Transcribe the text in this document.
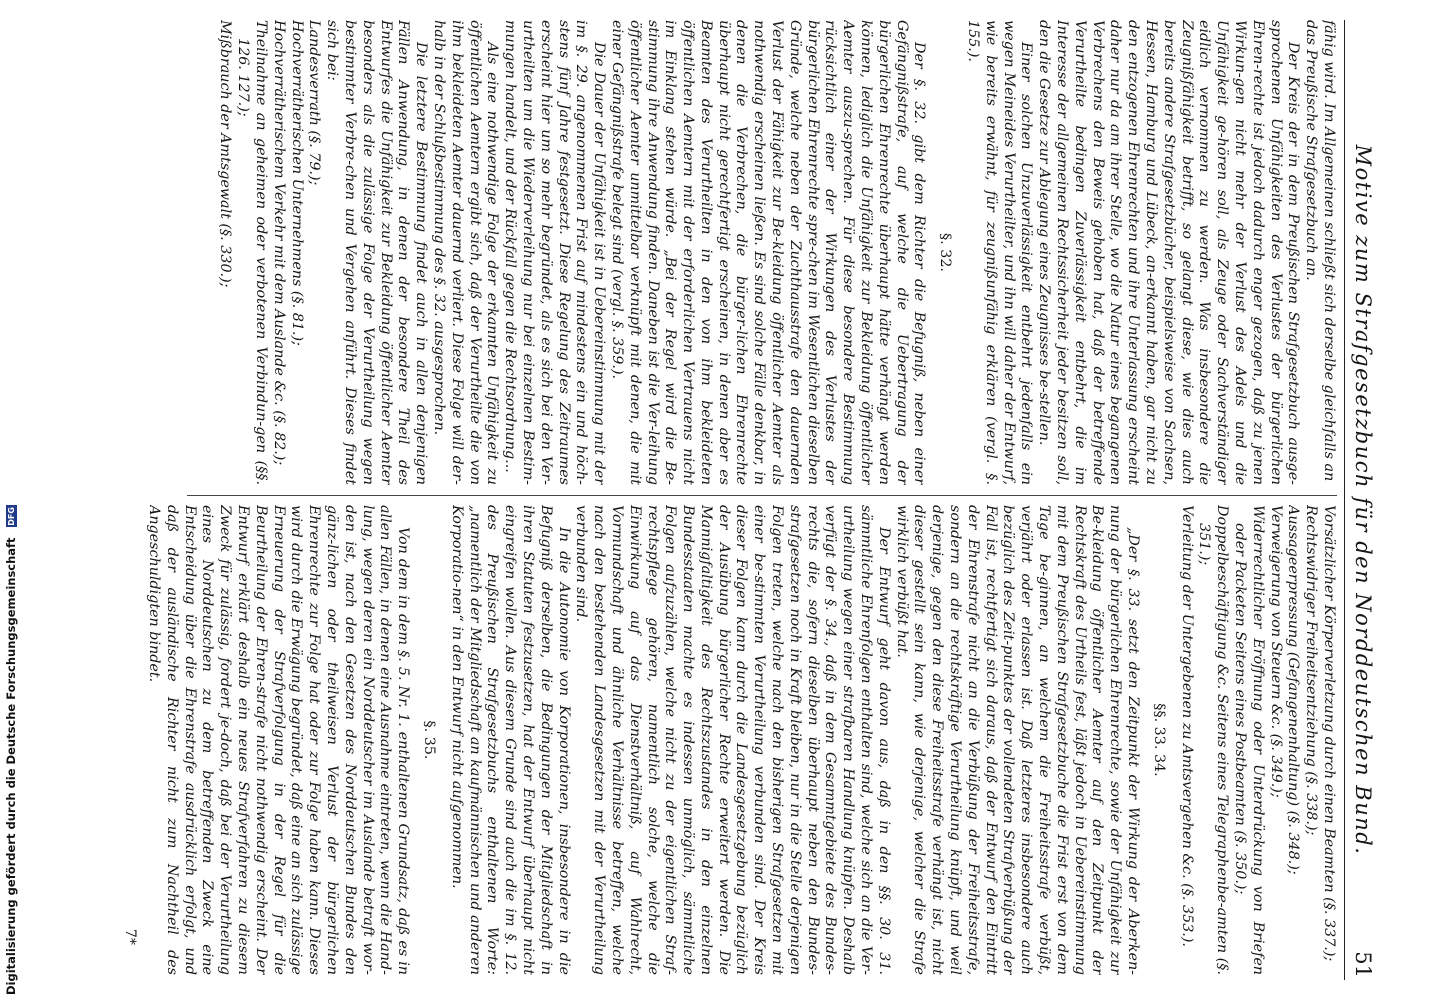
Motive zum Strafgesetzbuch für den Norddeutschen Bund.
51

fähig wird. Im Allgemeinen schließt sich derselbe gleichfalls an

das Preußische Strafgesetzbuch an.

Der Kreis der in dem Preußischen Strafgesetzbuch ausge-sprochenen Unfähigkeiten des Verlustes der bürgerlichen Ehren-rechte ist jedoch dadurch enger gezogen, daß zu jenen Wirkun-gen nicht mehr der Verlust des Adels und die Unfähigkeit ge-hören soll, als Zeuge oder Sachverständiger eidlich vernommen zu werden. Was insbesondere die Zeugnißfähigkeit betrifft, so gelangt diese, wie dies auch bereits andere Strafgesetzbücher, beispielsweise von Sachsen, Hessen, Hamburg und Lübeck, an-erkannt haben, gar nicht zu den entzogenen Ehrenrechten und ihre Unterlassung erscheint daher nur da am ihrer Stelle, wo die Natur eines begangenen Verbrechens den Beweis gehoben hat, daß der betreffende Verurtheilte bedingen Zuverlässigkeit entbehrt, die im Interesse der allgemeinen Rechtssicherheit jeder besitzen soll, den die Gesetze zur Ablegung eines Zeugnisses be-stellen.

Einer solchen Unzuverlässigkeit entbehrt jedenfalls ein wegen Meineides Verurtheilter, und ihn will daher der Entwurf, wie bereits erwähnt, für zeugnißunfähig erklären (vergl. §. 155.).

§. 32.

Der §. 32. gibt dem Richter die Befugniß, neben einer Gefängnißstrafe, auf welche die Uebertragung der bürgerlichen Ehrenrechte überhaupt hätte verhängt werden können, lediglich die Unfähigkeit zur Bekleidung öffentlicher Aemter auszu-sprechen. Für diese besondere Bestimmung rücksichtlich einer der Wirkungen des Verlustes der bürgerlichen Ehrenrechte spre-chen im Wesentlichen dieselben Gründe, welche neben der Zuchthausstrafe den dauernden Verlust der Fähigkeit zur Be-kleidung öffentlicher Aemter als nothwendig erscheinen ließen. Es sind solche Fälle denkbar, in denen die Verbrechen, die bürger-lichen Ehrenrechte überhaupt nicht gerechtfertigt erscheinen, in denen aber es Beamten des Verurtheilten in den von ihm bekleideten öffentlichen Aemtern mit der erforderlichen Vertrauens nicht im Einklang stehen würde. „Bei der Regel wird die Be-stimmung ihre Anwendung finden. Daneben ist die Ver-leihung öffentlicher Aemter unmittelbar verknüpft mit denen, die mit einer Gefängnißstrafe belegt sind (vergl. §. 359.).

Die Dauer der Unfähigkeit ist in Uebereinstimmung mit der im §. 29. angenommenen Frist auf mindestens ein und höch-stens fünf Jahre festgesetzt. Diese Regelung des Zeitraumes erscheint hier um so mehr begründet, als es sich bei den Ver-urtheilten um die Wiederverleihung nur bei einzelnen Bestim-mungen handelt, und der Rückfall gegen die Rechtsordnung...

Als eine nothwendige Folge der erkannten Unfähigkeit zu öffentlichen Aemtern ergibt sich, daß der Verurtheilte die von ihm bekleideten Aemter dauernd verliert. Diese Folge will der-halb in der Schlußbestimmung des §. 32. ausgesprochen.

Die letztere Bestimmung findet auch in allen denjenigen Fällen Anwendung, in denen der besondere Theil des Entwurfes die Unfähigkeit zur Bekleidung öffentlicher Aemter besonders als die zulässige Folge der Verurtheilung wegen bestimmter Verbre-chen und Vergehen anführt. Dieses findet sich bei:

Landesverrath (§. 79.);
Hochverrätherischen Unternehmens (§. 81.);
Hochverrätherischem Verkehr mit dem Auslande &c. (§. 82.);
Theilnahme an geheimen oder verbotenen Verbindun-gen (§§. 126. 127.);
Mißbrauch der Amtsgewalt (§. 330.);
Vorsätzlicher Körperverletzung durch einen Beamten (§. 337.);
Rechtswidriger Freiheitsentziehung (§. 338.);
Aussageerpressung (Gefangenenhaltung) (§. 348.);
Verweigerung von Steuern &c. (§. 349.);
Widerrechtlicher Eröffnung oder Unterdrückung von Briefen oder Packeten Seitens eines Postbeamten (§. 350.);
Doppelbeschäftigung &c. Seitens eines Telegraphenbe-amten (§. 351.);
Verleitung der Untergebenen zu Amtsvergehen &c. (§. 353.).
§§. 33. 34.

„Der §. 33. setzt den Zeitpunkt der Wirkung der Aberken-nung der bürgerlichen Ehrenrechte, sowie der Unfähigkeit zur Be-kleidung öffentlicher Aemter auf den Zeitpunkt der Rechtskraft des Urtheils fest, läßt jedoch in Uebereinstimmung mit dem Preußischen Strafgesetzbuche die Frist erst von dem Tage be-ginnen, an welchem die Freiheitsstrafe verbüßt, verjährt oder erlassen ist. Daß letzteres insbesondere auch bezüglich des Zeit-punktes der vollendeten Strafverbüßung der Fall ist, rechtfertigt sich daraus, daß der Entwurf den Eintritt der Ehrenstrafe nicht an die Verbüßung der Freiheitsstrafe, sondern an die rechtskräftige Verurtheilung knüpft, und weil derjenige, gegen den diese Freiheitsstrafe verhängt ist, nicht dieser gestellt sein kann, wie derjenige, welcher die Strafe wirklich verbüßt hat.

Der Entwurf geht davon aus, daß in den §§. 30. 31. sämmtliche Ehrenfolgen enthalten sind, welche sich an die Ver-urtheilung wegen einer strafbaren Handlung knüpfen. Deshalb verfügt der §. 34., daß in dem Gesammtgebiete des Bundes-rechts die, sofern dieselben überhaupt neben den Bundes-strafgesetzen noch in Kraft bleiben, nur in die Stelle derjenigen Folgen treten, welche nach den bisherigen Strafgesetzen mit einer be-stimmten Verurtheilung verbunden sind. Der Kreis dieser Folgen kann durch die Landesgesetzgebung bezüglich der Ausübung bürgerlicher Rechte erweitert werden. Die Mannigfaltigkeit des Rechtszustandes in den einzelnen Bundesstaaten machte es indessen unmöglich, sämmtliche Folgen aufzuzählen, welche nicht zu der eigentlichen Straf-rechtspflege gehören, namentlich solche, welche die Einwirkung auf das Dienstverhältniß, auf Wahlrecht, Vormundschaft und ähnliche Verhältnisse betreffen, welche nach den bestehenden Landesgesetzen mit der Verurtheilung verbunden sind.

In die Autonomie von Korporationen, insbesondere in die Befugniß derselben, die Bedingungen der Mitgliedschaft in ihren Statuten festzusetzen, hat der Entwurf überhaupt nicht eingreifen wollen. Aus diesem Grunde sind auch die im §. 12. des Preußischen Strafgesetzbuchs enthaltenen Worte: „namentlich der Mitgliedschaft an kaufmännischen und anderen Korporatio-nen“ in den Entwurf nicht aufgenommen.

§. 35.

Von dem in dem §. 5. Nr. 1. enthaltenen Grundsatz, daß es in allen Fällen, in denen eine Ausnahme eintreten, wenn die Hand-lung, wegen deren ein Norddeutscher im Auslande betraft wor-den ist, nach den Gesetzen des Norddeutschen Bundes den gänz-lichen oder theilweisen Verlust der bürgerlichen Ehrenrechte zur Folge hat oder zur Folge haben kann. Dieses wird durch die Erwägung begründet, daß eine an sich zulässige Erneuerung der Strafverfolgung in der Regel für die Beurtheilung der Ehren-strafe nicht nothwendig erscheint. Der Entwurf erklärt deshalb ein neues Strafverfahren zu diesem Zweck für zulässig, fordert je-doch, daß bei der Verurtheilung eines Norddeutschen zu dem betreffenden Zweck eine Entscheidung über die Ehrenstrafe ausdrücklich erfolgt, und daß der ausländische Richter nicht zum Nachtheil des Angeschuldigten bindet.

7*
Digitalisierung gefördert durch die Deutsche Forschungsgemeinschaft DFG
